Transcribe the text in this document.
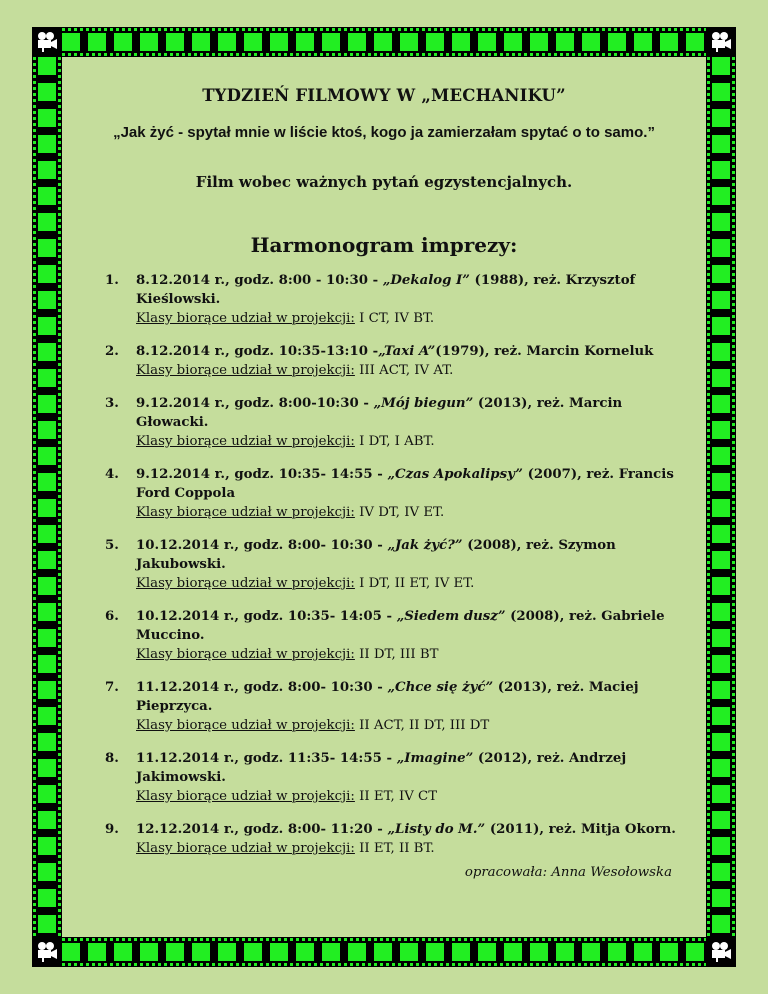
TYDZIEŃ FILMOWY W „MECHANIKU”
„Jak żyć - spytał mnie w liście ktoś, kogo ja zamierzałam spytać o to samo.”
Film wobec ważnych pytań egzystencjalnych.
Harmonogram imprezy:
1. 8.12.2014 r., godz. 8:00 - 10:30 - „Dekalog I” (1988), reż. Krzysztof Kieślowski.
Klasy biorące udział w projekcji: I CT, IV BT.
2. 8.12.2014 r., godz. 10:35-13:10 -„Taxi A”(1979), reż. Marcin Korneluk
Klasy biorące udział w projekcji: III ACT, IV AT.
3. 9.12.2014 r., godz. 8:00-10:30 - „Mój biegun” (2013), reż. Marcin Głowacki.
Klasy biorące udział w projekcji: I DT, I ABT.
4. 9.12.2014 r., godz. 10:35- 14:55 - „Czas Apokalipsy” (2007), reż. Francis Ford Coppola
Klasy biorące udział w projekcji: IV DT, IV ET.
5. 10.12.2014 r., godz. 8:00- 10:30 - „Jak żyć?” (2008), reż. Szymon Jakubowski.
Klasy biorące udział w projekcji: I DT, II ET, IV ET.
6. 10.12.2014 r., godz. 10:35- 14:05 - „Siedem dusz” (2008), reż. Gabriele Muccino.
Klasy biorące udział w projekcji: II DT, III BT
7. 11.12.2014 r., godz. 8:00- 10:30 - „Chce się żyć” (2013), reż. Maciej Pieprzyca.
Klasy biorące udział w projekcji: II ACT, II DT, III DT
8. 11.12.2014 r., godz. 11:35- 14:55 - „Imagine” (2012), reż. Andrzej Jakimowski.
Klasy biorące udział w projekcji: II ET, IV CT
9. 12.12.2014 r., godz. 8:00- 11:20 - „Listy do M.” (2011), reż. Mitja Okorn.
Klasy biorące udział w projekcji: II ET, II BT.
opracowała: Anna Wesołowska
